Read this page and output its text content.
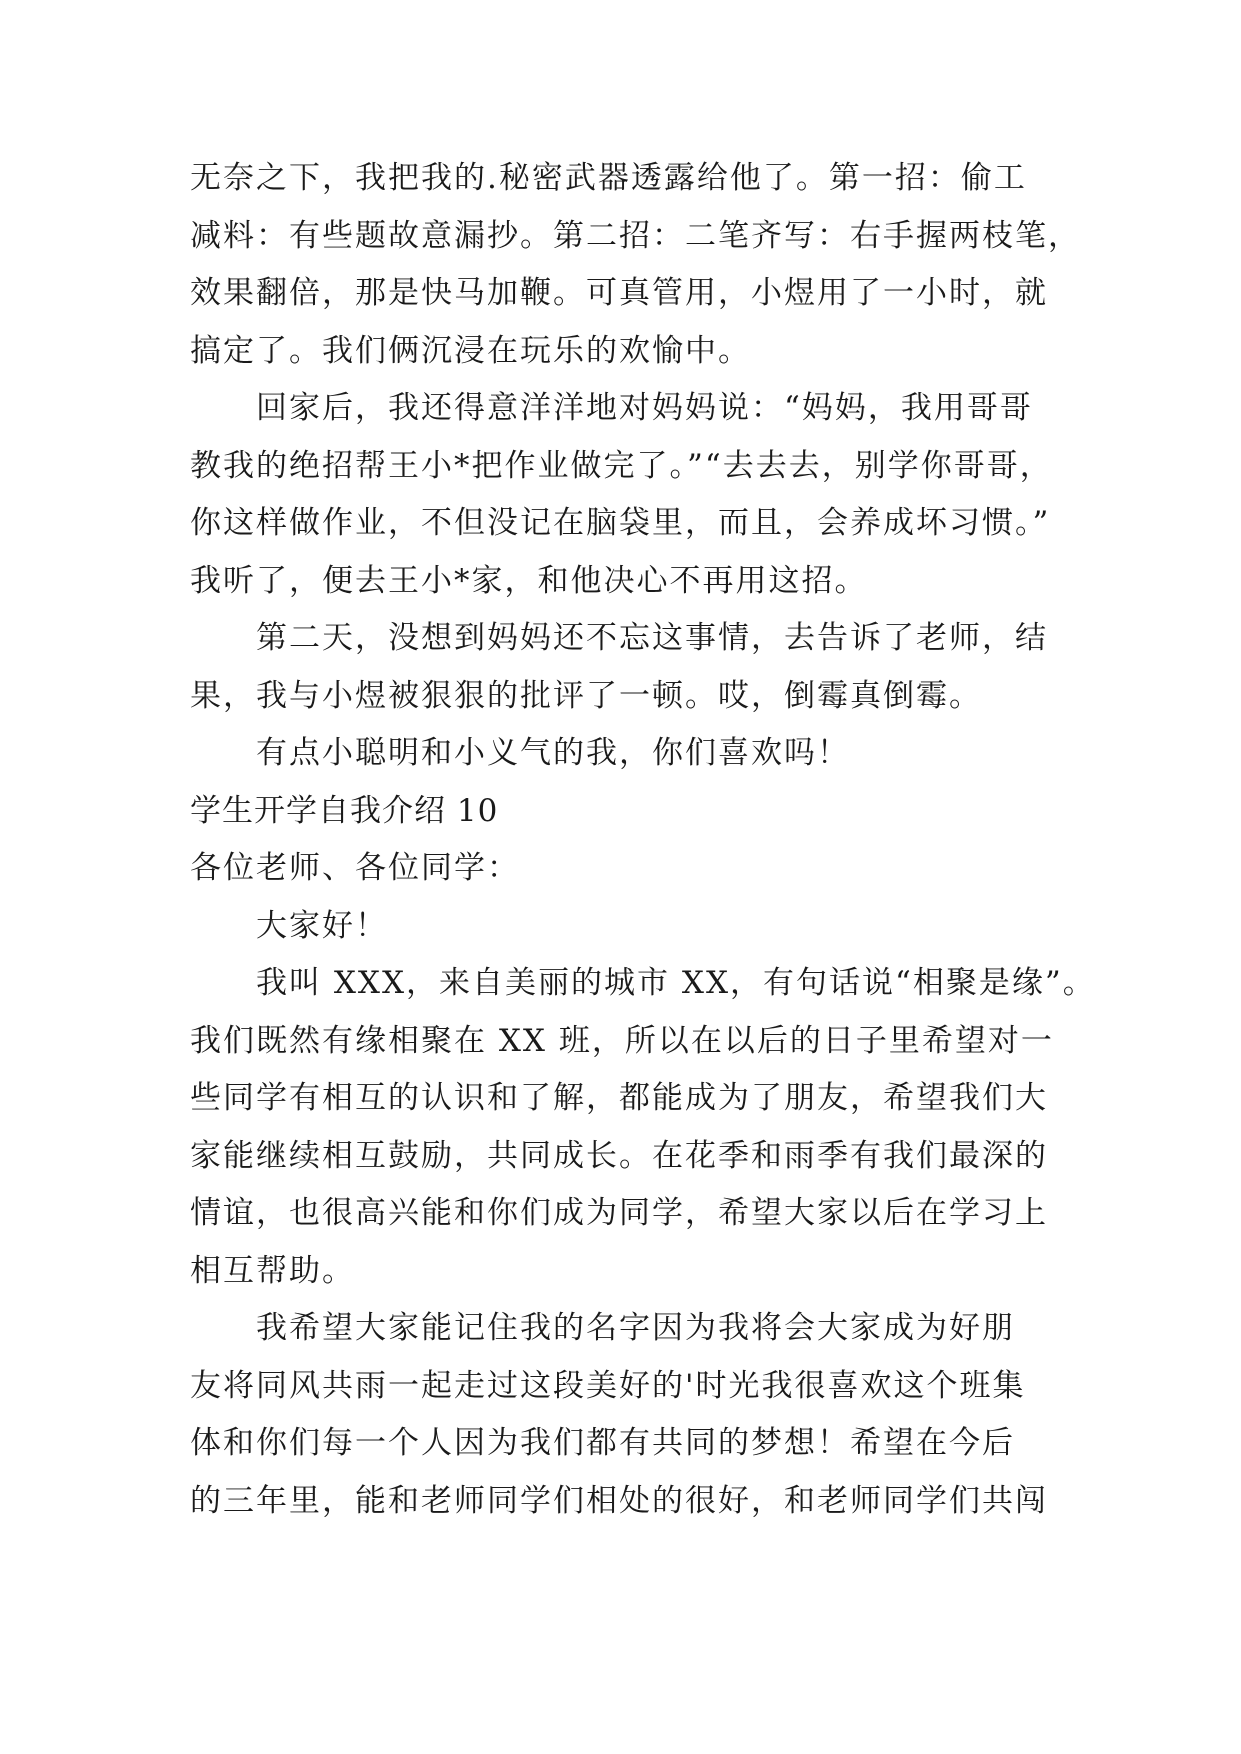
无奈之下，我把我的.秘密武器透露给他了。第一招：偷工
减料：有些题故意漏抄。第二招：二笔齐写：右手握两枝笔，
效果翻倍，那是快马加鞭。可真管用，小煜用了一小时，就
搞定了。我们俩沉浸在玩乐的欢愉中。
回家后，我还得意洋洋地对妈妈说：“妈妈，我用哥哥
教我的绝招帮王小*把作业做完了。”“去去去，别学你哥哥，
你这样做作业，不但没记在脑袋里，而且，会养成坏习惯。”
我听了，便去王小*家，和他决心不再用这招。
第二天，没想到妈妈还不忘这事情，去告诉了老师，结
果，我与小煜被狠狠的批评了一顿。哎，倒霉真倒霉。
有点小聪明和小义气的我，你们喜欢吗！
学生开学自我介绍 10
各位老师、各位同学：
大家好！
我叫 XXX，来自美丽的城市 XX，有句话说“相聚是缘”。
我们既然有缘相聚在 XX 班，所以在以后的日子里希望对一
些同学有相互的认识和了解，都能成为了朋友，希望我们大
家能继续相互鼓励，共同成长。在花季和雨季有我们最深的
情谊，也很高兴能和你们成为同学，希望大家以后在学习上
相互帮助。
我希望大家能记住我的名字因为我将会大家成为好朋
友将同风共雨一起走过这段美好的'时光我很喜欢这个班集
体和你们每一个人因为我们都有共同的梦想！希望在今后
的三年里，能和老师同学们相处的很好，和老师同学们共闯
